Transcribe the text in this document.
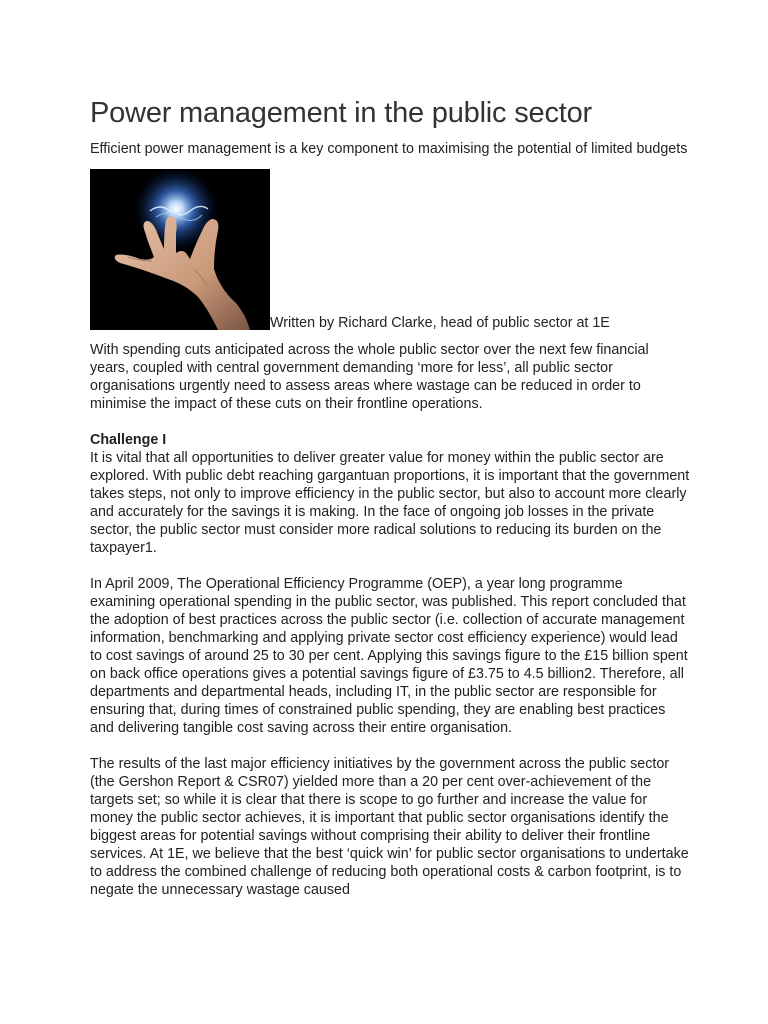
Power management in the public sector

Efficient power management is a key component to maximising the potential of limited budgets

Written by Richard Clarke, head of public sector at 1E

With spending cuts anticipated across the whole public sector over the next few financial years, coupled with central government demanding ‘more for less’, all public sector organisations urgently need to assess areas where wastage can be reduced in order to minimise the impact of these cuts on their frontline operations.

Challenge I

It is vital that all opportunities to deliver greater value for money within the public sector are explored. With public debt reaching gargantuan proportions, it is important that the government takes steps, not only to improve efficiency in the public sector, but also to account more clearly and accurately for the savings it is making. In the face of ongoing job losses in the private sector, the public sector must consider more radical solutions to reducing its burden on the taxpayer1.

In April 2009, The Operational Efficiency Programme (OEP), a year long programme examining operational spending in the public sector, was published. This report concluded that the adoption of best practices across the public sector (i.e. collection of accurate management information, benchmarking and applying private sector cost efficiency experience) would lead to cost savings of around 25 to 30 per cent. Applying this savings figure to the £15 billion spent on back office operations gives a potential savings figure of £3.75 to 4.5 billion2. Therefore, all departments and departmental heads, including IT, in the public sector are responsible for ensuring that, during times of constrained public spending, they are enabling best practices and delivering tangible cost saving across their entire organisation.

The results of the last major efficiency initiatives by the government across the public sector (the Gershon Report & CSR07) yielded more than a 20 per cent over-achievement of the targets set; so while it is clear that there is scope to go further and increase the value for money the public sector achieves, it is important that public sector organisations identify the biggest areas for potential savings without comprising their ability to deliver their frontline services. At 1E, we believe that the best ‘quick win’ for public sector organisations to undertake to address the combined challenge of reducing both operational costs & carbon footprint, is to negate the unnecessary wastage caused
